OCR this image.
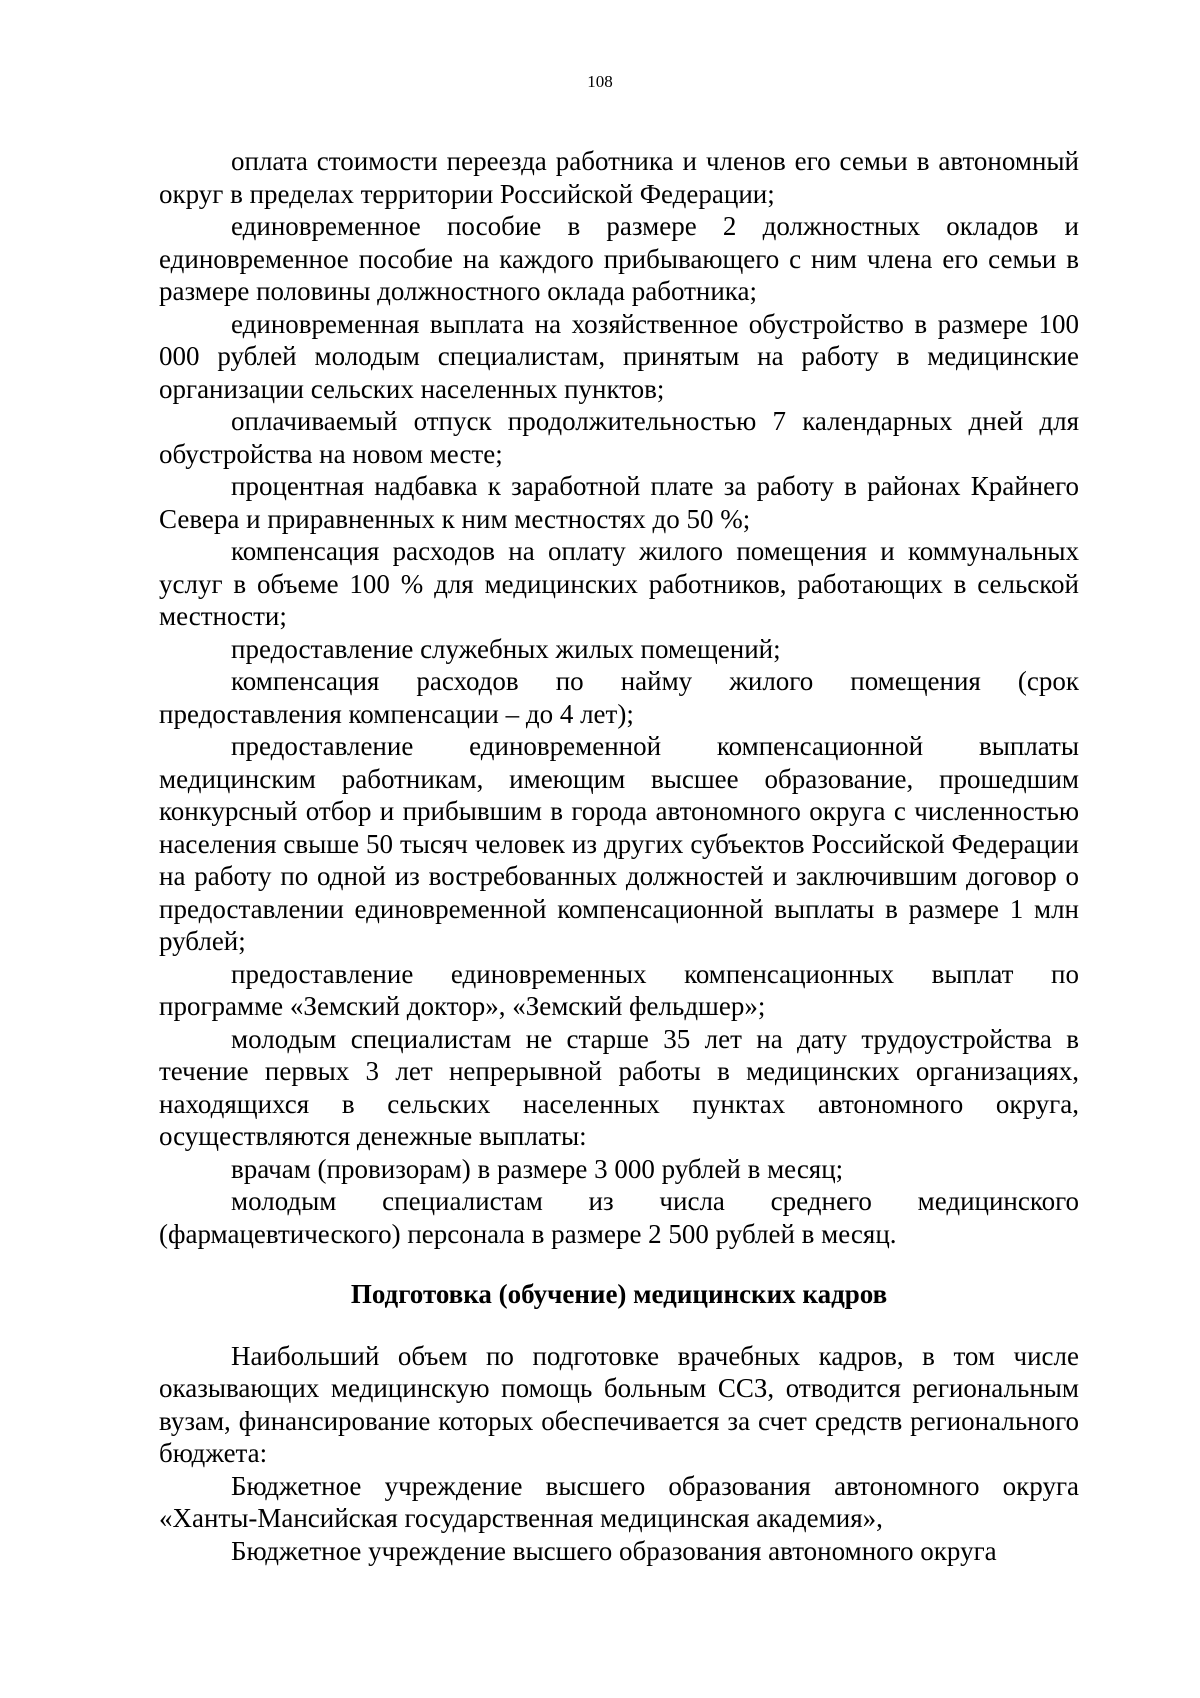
108

оплата стоимости переезда работника и членов его семьи в автономный округ в пределах территории Российской Федерации;

единовременное пособие в размере 2 должностных окладов и единовременное пособие на каждого прибывающего с ним члена его семьи в размере половины должностного оклада работника;

единовременная выплата на хозяйственное обустройство в размере 100 000 рублей молодым специалистам, принятым на работу в медицинские организации сельских населенных пунктов;

оплачиваемый отпуск продолжительностью 7 календарных дней для обустройства на новом месте;

процентная надбавка к заработной плате за работу в районах Крайнего Севера и приравненных к ним местностях до 50 %;

компенсация расходов на оплату жилого помещения и коммунальных услуг в объеме 100 % для медицинских работников, работающих в сельской местности;

предоставление служебных жилых помещений;

компенсация расходов по найму жилого помещения (срок предоставления компенсации – до 4 лет);

предоставление единовременной компенсационной выплаты медицинским работникам, имеющим высшее образование, прошедшим конкурсный отбор и прибывшим в города автономного округа с численностью населения свыше 50 тысяч человек из других субъектов Российской Федерации на работу по одной из востребованных должностей и заключившим договор о предоставлении единовременной компенсационной выплаты в размере 1 млн рублей;

предоставление единовременных компенсационных выплат по программе «Земский доктор», «Земский фельдшер»;

молодым специалистам не старше 35 лет на дату трудоустройства в течение первых 3 лет непрерывной работы в медицинских организациях, находящихся в сельских населенных пунктах автономного округа, осуществляются денежные выплаты:

врачам (провизорам) в размере 3 000 рублей в месяц;

молодым специалистам из числа среднего медицинского (фармацевтического) персонала в размере 2 500 рублей в месяц.

Подготовка (обучение) медицинских кадров

Наибольший объем по подготовке врачебных кадров, в том числе оказывающих медицинскую помощь больным ССЗ, отводится региональным вузам, финансирование которых обеспечивается за счет средств регионального бюджета:

Бюджетное учреждение высшего образования автономного округа «Ханты-Мансийская государственная медицинская академия»,

Бюджетное учреждение высшего образования автономного округа
